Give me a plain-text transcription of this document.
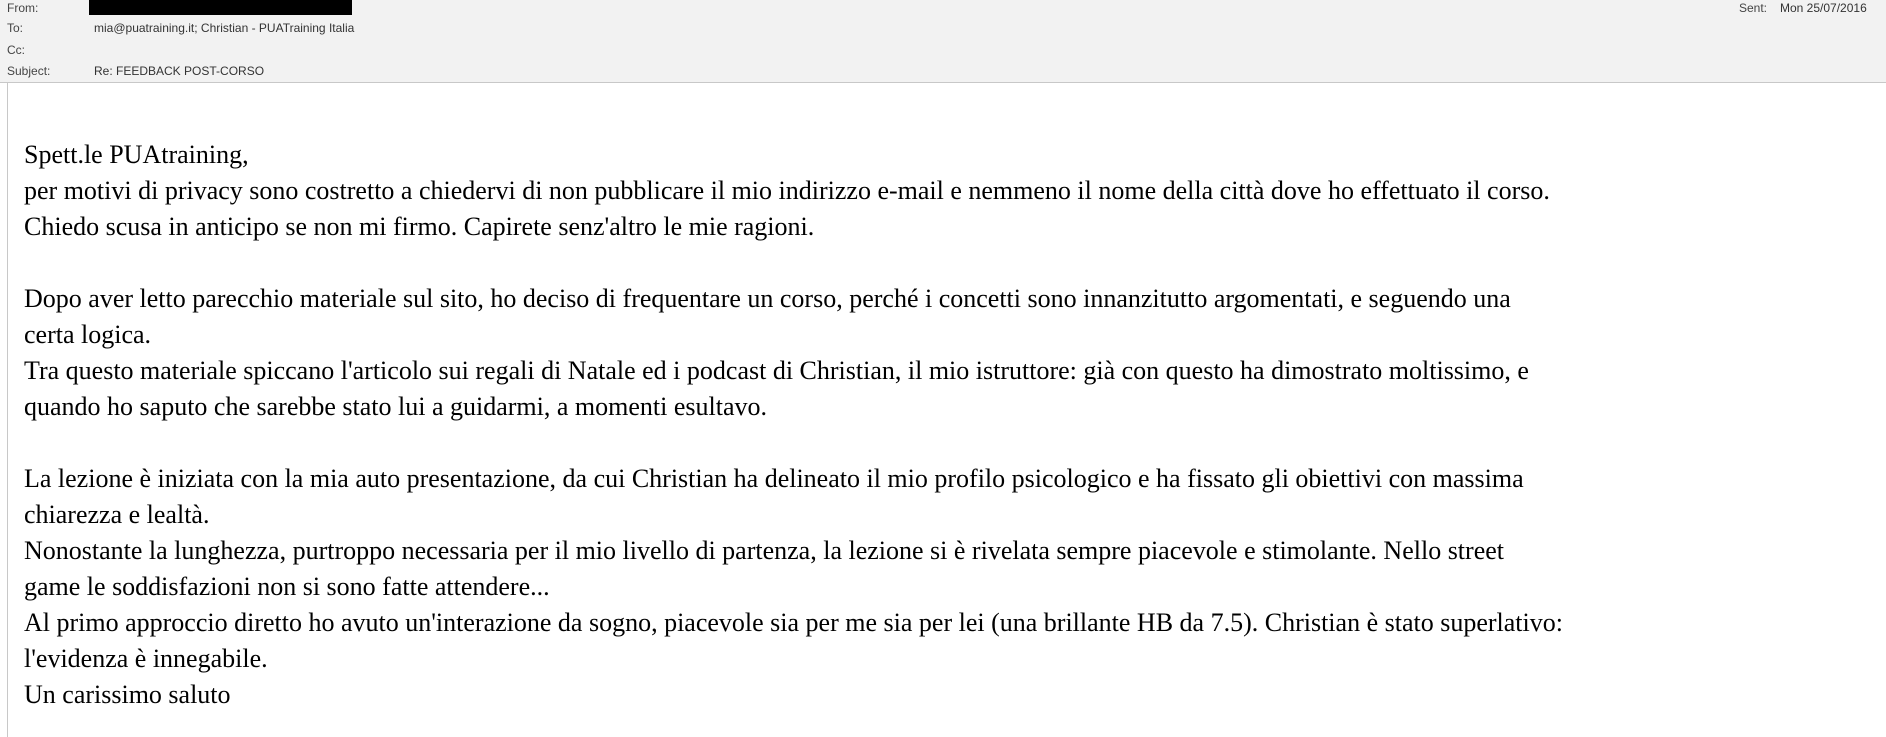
From:	Sent: Mon 25/07/2016
To:	mia@puatraining.it; Christian - PUATraining Italia
Cc:
Subject:	Re: FEEDBACK POST-CORSO
Spett.le PUAtraining,
per motivi di privacy sono costretto a chiedervi di non pubblicare il mio indirizzo e-mail e nemmeno il nome della città dove ho effettuato il corso.
Chiedo scusa in anticipo se non mi firmo. Capirete senz'altro le mie ragioni.
Dopo aver letto parecchio materiale sul sito, ho deciso di frequentare un corso, perché i concetti sono innanzitutto argomentati, e seguendo una
certa logica.
Tra questo materiale spiccano l'articolo sui regali di Natale ed i podcast di Christian, il mio istruttore: già con questo ha dimostrato moltissimo, e
quando ho saputo che sarebbe stato lui a guidarmi, a momenti esultavo.
La lezione è iniziata con la mia auto presentazione, da cui Christian ha delineato il mio profilo psicologico e ha fissato gli obiettivi con massima
chiarezza e lealtà.
Nonostante la lunghezza, purtroppo necessaria per il mio livello di partenza, la lezione si è rivelata sempre piacevole e stimolante. Nello street
game le soddisfazioni non si sono fatte attendere...
Al primo approccio diretto ho avuto un'interazione da sogno, piacevole sia per me sia per lei (una brillante HB da 7.5). Christian è stato superlativo:
l'evidenza è innegabile.
Un carissimo saluto
